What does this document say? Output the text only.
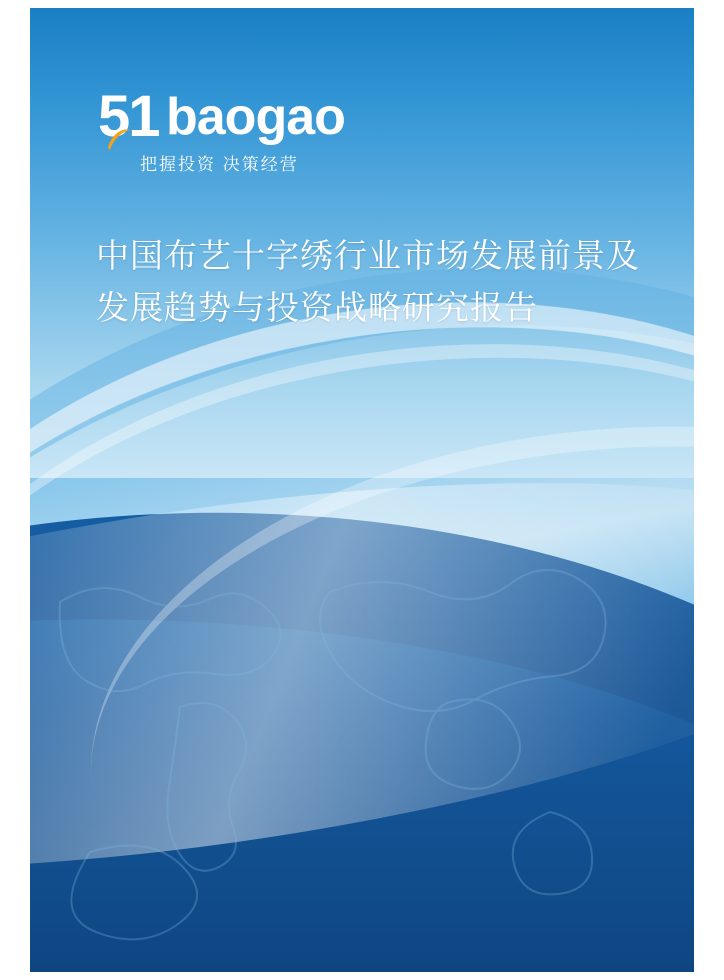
51 baogao
把握投资 决策经营
中国布艺十字绣行业市场发展前景及
发展趋势与投资战略研究报告
